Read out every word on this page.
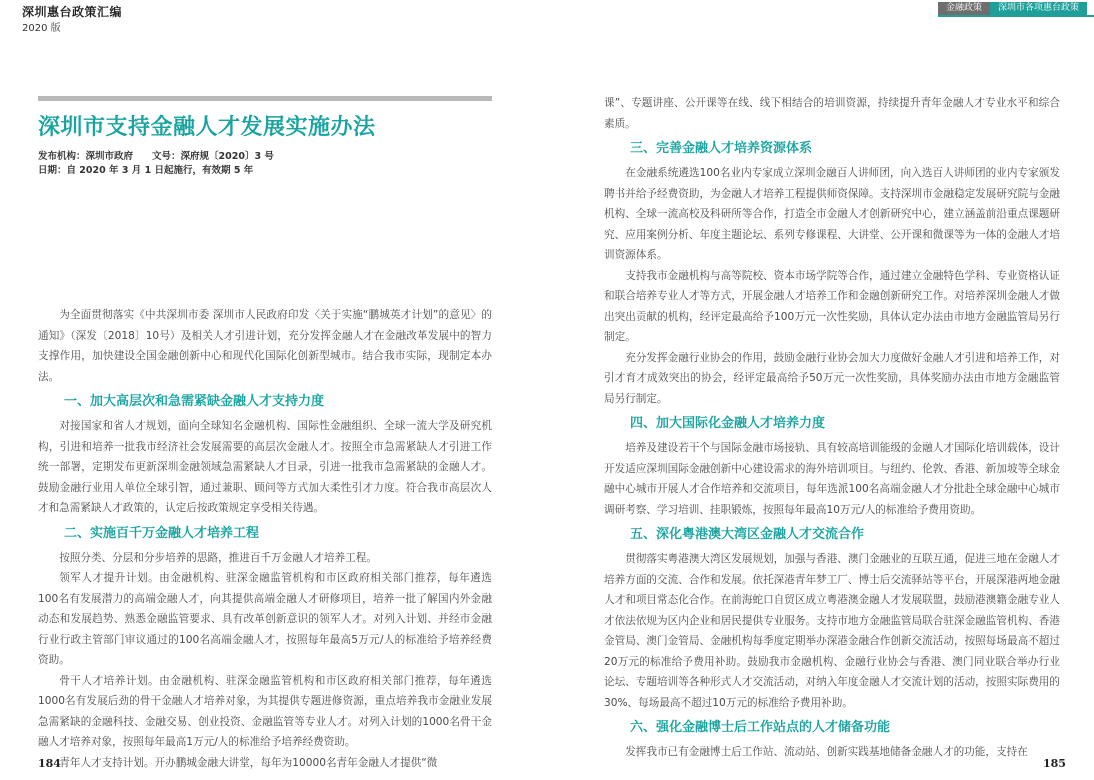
深圳惠台政策汇编
2020 版
金融政策	深圳市各项惠台政策
深圳市支持金融人才发展实施办法
发布机构：深圳市政府　　文号：深府规〔2020〕3 号
日期：自 2020 年 3 月 1 日起施行，有效期 5 年

为全面贯彻落实《中共深圳市委 深圳市人民政府印发〈关于实施“鹏城英才计划”的意见〉的通知》（深发〔2018〕10号）及相关人才引进计划，充分发挥金融人才在金融改革发展中的智力支撑作用，加快建设全国金融创新中心和现代化国际化创新型城市。结合我市实际，现制定本办法。

一、加大高层次和急需紧缺金融人才支持力度

对接国家和省人才规划，面向全球知名金融机构、国际性金融组织、全球一流大学及研究机构，引进和培养一批我市经济社会发展需要的高层次金融人才。按照全市急需紧缺人才引进工作统一部署，定期发布更新深圳金融领域急需紧缺人才目录，引进一批我市急需紧缺的金融人才。鼓励金融行业用人单位全球引智，通过兼职、顾问等方式加大柔性引才力度。符合我市高层次人才和急需紧缺人才政策的，认定后按政策规定享受相关待遇。

二、实施百千万金融人才培养工程

按照分类、分层和分步培养的思路，推进百千万金融人才培养工程。

领军人才提升计划。由金融机构、驻深金融监管机构和市区政府相关部门推荐，每年遴选100名有发展潜力的高端金融人才，向其提供高端金融人才研修项目，培养一批了解国内外金融动态和发展趋势、熟悉金融监管要求、具有改革创新意识的领军人才。对列入计划、并经市金融行业行政主管部门审议通过的100名高端金融人才，按照每年最高5万元/人的标准给予培养经费资助。

骨干人才培养计划。由金融机构、驻深金融监管机构和市区政府相关部门推荐，每年遴选1000名有发展后劲的骨干金融人才培养对象，为其提供专题进修资源，重点培养我市金融业发展急需紧缺的金融科技、金融交易、创业投资、金融监管等专业人才。对列入计划的1000名骨干金融人才培养对象，按照每年最高1万元/人的标准给予培养经费资助。

青年人才支持计划。开办鹏城金融大讲堂，每年为10000名青年金融人才提供“微

课”、专题讲座、公开课等在线、线下相结合的培训资源，持续提升青年金融人才专业水平和综合素质。

三、完善金融人才培养资源体系

在金融系统遴选100名业内专家成立深圳金融百人讲师团，向入选百人讲师团的业内专家颁发聘书并给予经费资助，为金融人才培养工程提供师资保障。支持深圳市金融稳定发展研究院与金融机构、全球一流高校及科研所等合作，打造全市金融人才创新研究中心，建立涵盖前沿重点课题研究、应用案例分析、年度主题论坛、系列专修课程、大讲堂、公开课和微课等为一体的金融人才培训资源体系。

支持我市金融机构与高等院校、资本市场学院等合作，通过建立金融特色学科、专业资格认证和联合培养专业人才等方式，开展金融人才培养工作和金融创新研究工作。对培养深圳金融人才做出突出贡献的机构，经评定最高给予100万元一次性奖励，具体认定办法由市地方金融监管局另行制定。

充分发挥金融行业协会的作用，鼓励金融行业协会加大力度做好金融人才引进和培养工作，对引才育才成效突出的协会，经评定最高给予50万元一次性奖励，具体奖励办法由市地方金融监管局另行制定。

四、加大国际化金融人才培养力度

培养及建设若干个与国际金融市场接轨、具有较高培训能级的金融人才国际化培训载体，设计开发适应深圳国际金融创新中心建设需求的海外培训项目。与纽约、伦敦、香港、新加坡等全球金融中心城市开展人才合作培养和交流项目，每年选派100名高端金融人才分批赴全球金融中心城市调研考察、学习培训、挂职锻炼，按照每年最高10万元/人的标准给予费用资助。

五、深化粤港澳大湾区金融人才交流合作

贯彻落实粤港澳大湾区发展规划，加强与香港、澳门金融业的互联互通，促进三地在金融人才培养方面的交流、合作和发展。依托深港青年梦工厂、博士后交流驿站等平台，开展深港两地金融人才和项目常态化合作。在前海蛇口自贸区成立粤港澳金融人才发展联盟，鼓励港澳籍金融专业人才依法依规为区内企业和居民提供专业服务。支持市地方金融监管局联合驻深金融监管机构、香港金管局、澳门金管局、金融机构每季度定期举办深港金融合作创新交流活动，按照每场最高不超过20万元的标准给予费用补助。鼓励我市金融机构、金融行业协会与香港、澳门同业联合举办行业论坛、专题培训等各种形式人才交流活动，对纳入年度金融人才交流计划的活动，按照实际费用的30%、每场最高不超过10万元的标准给予费用补助。

六、强化金融博士后工作站点的人才储备功能

发挥我市已有金融博士后工作站、流动站、创新实践基地储备金融人才的功能，支持在

184	185
